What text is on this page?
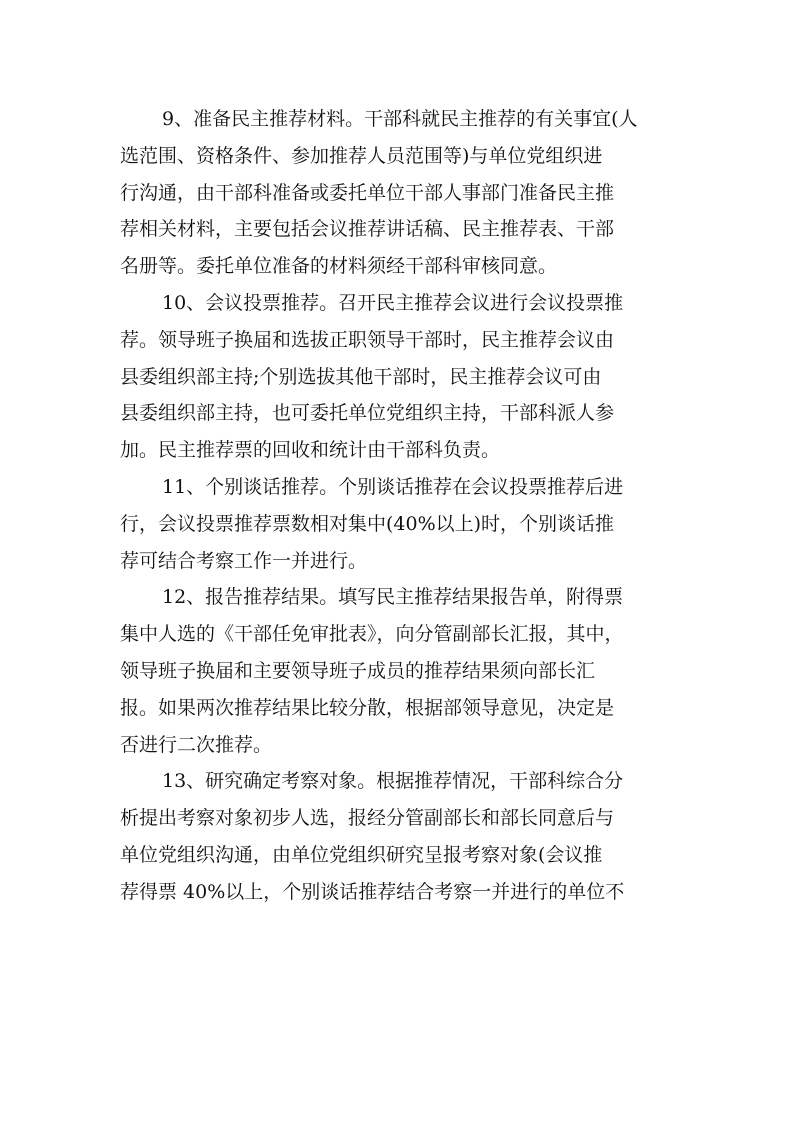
9、准备民主推荐材料。干部科就民主推荐的有关事宜(人
选范围、资格条件、参加推荐人员范围等)与单位党组织进
行沟通，由干部科准备或委托单位干部人事部门准备民主推
荐相关材料，主要包括会议推荐讲话稿、民主推荐表、干部
名册等。委托单位准备的材料须经干部科审核同意。
10、会议投票推荐。召开民主推荐会议进行会议投票推
荐。领导班子换届和选拔正职领导干部时，民主推荐会议由
县委组织部主持;个别选拔其他干部时，民主推荐会议可由
县委组织部主持，也可委托单位党组织主持，干部科派人参
加。民主推荐票的回收和统计由干部科负责。
11、个别谈话推荐。个别谈话推荐在会议投票推荐后进
行，会议投票推荐票数相对集中(40%以上)时，个别谈话推
荐可结合考察工作一并进行。
12、报告推荐结果。填写民主推荐结果报告单，附得票
集中人选的《干部任免审批表》，向分管副部长汇报，其中，
领导班子换届和主要领导班子成员的推荐结果须向部长汇
报。如果两次推荐结果比较分散，根据部领导意见，决定是
否进行二次推荐。
13、研究确定考察对象。根据推荐情况，干部科综合分
析提出考察对象初步人选，报经分管副部长和部长同意后与
单位党组织沟通，由单位党组织研究呈报考察对象(会议推
荐得票 40%以上，个别谈话推荐结合考察一并进行的单位不
